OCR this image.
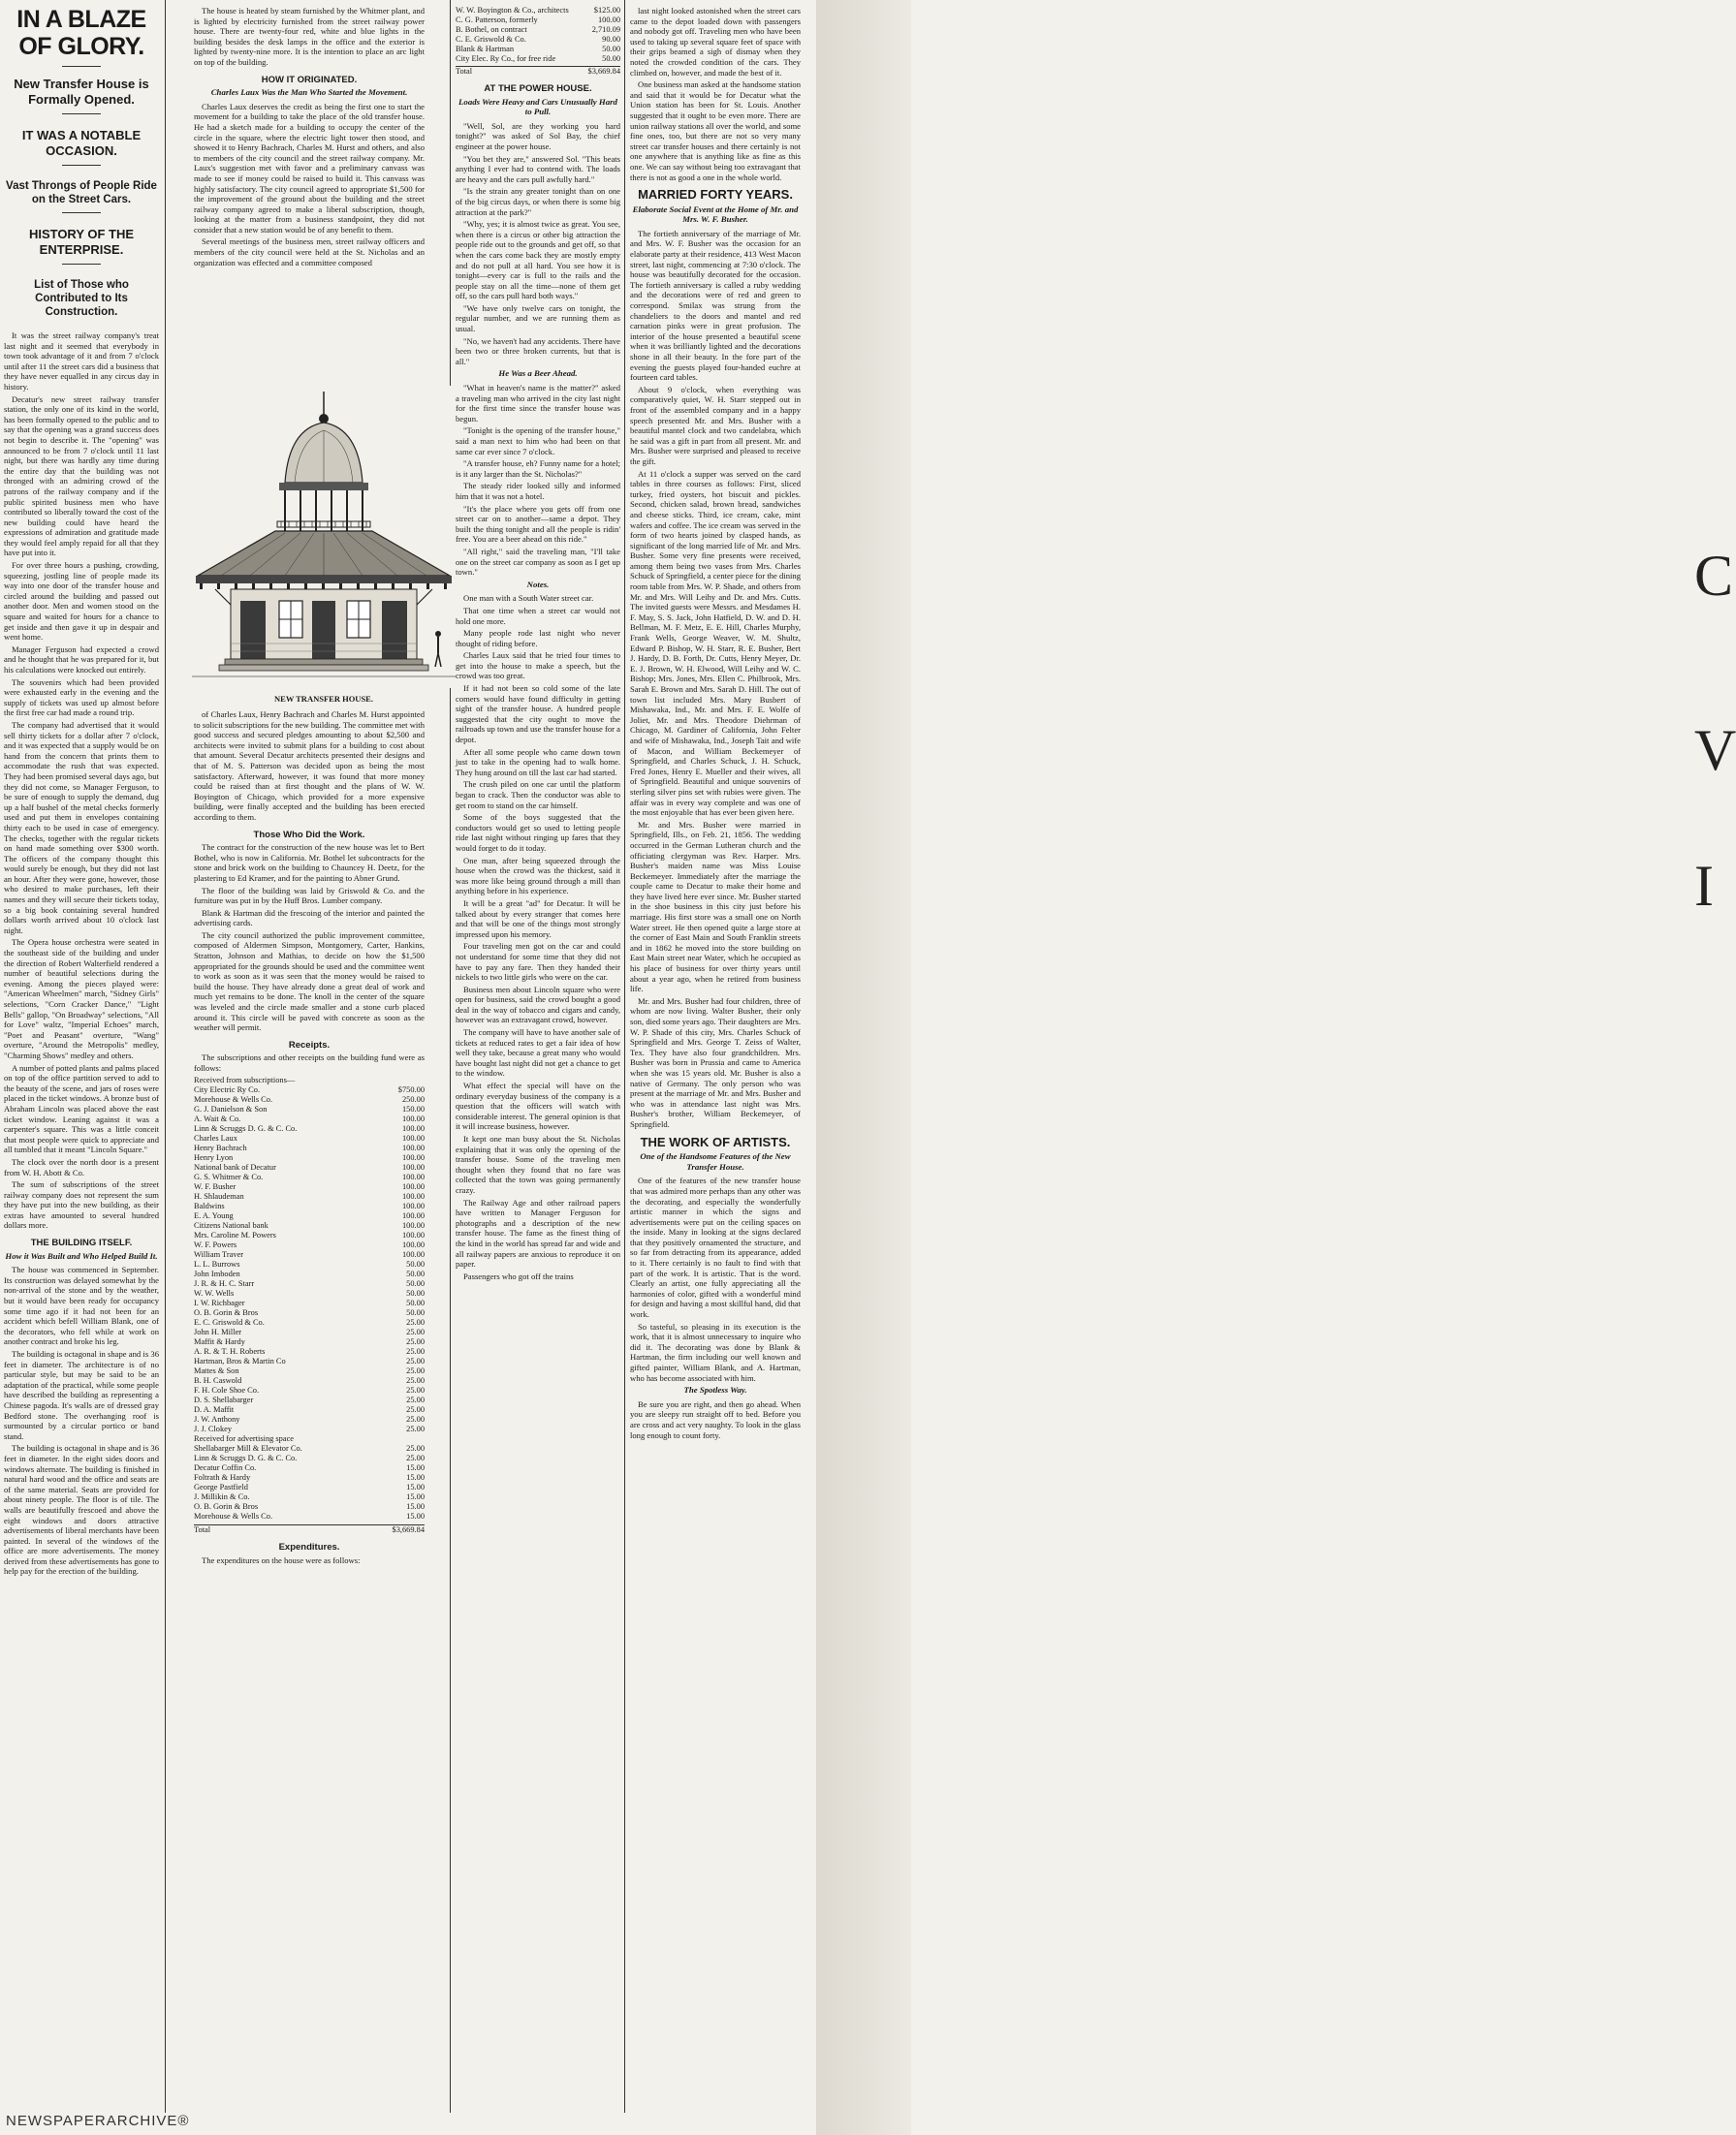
IN A BLAZE OF GLORY.
New Transfer House is Formally Opened.
IT WAS A NOTABLE OCCASION.
Vast Throngs of People Ride on the Street Cars.
HISTORY OF THE ENTERPRISE.
List of Those who Contributed to Its Construction.

It was the street railway company's treat last night and it seemed that everybody in town took advantage of it and from 7 o'clock until after 11 the street cars did a business that they have never equalled in any circus day in history.

Decatur's new street railway transfer station, the only one of its kind in the world, has been formally opened to the public and to say that the opening was a grand success does not begin to describe it. The "opening" was announced to be from 7 o'clock until 11 last night, but there was hardly any time during the entire day that the building was not thronged with an admiring crowd of the patrons of the railway company and if the public spirited business men who have contributed so liberally toward the cost of the new building could have heard the expressions of admiration and gratitude made they would feel amply repaid for all that they have put into it.

For over three hours a pushing, crowding, squeezing, jostling line of people made its way into one door of the transfer house and circled around the building and passed out another door. Men and women stood on the square and waited for hours for a chance to get inside and then gave it up in despair and went home.

Manager Ferguson had expected a crowd and he thought that he was prepared for it, but his calculations were knocked out entirely.

The souvenirs which had been provided were exhausted early in the evening and the supply of tickets was used up almost before the first free car had made a round trip.

The company had advertised that it would sell thirty tickets for a dollar after 7 o'clock, and it was expected that a supply would be on hand from the concern that prints them to accommodate the rush that was expected. They had been promised several days ago, but they did not come, so Manager Ferguson, to be sure of enough to supply the demand, dug up a half bushel of the metal checks formerly used and put them in envelopes containing thirty each to be used in case of emergency. The checks, together with the regular tickets on hand made something over $300 worth. The officers of the company thought this would surely be enough, but they did not last an hour. After they were gone, however, those who desired to make purchases, left their names and they will secure their tickets today, so a big book containing several hundred dollars worth arrived about 10 o'clock last night.

The Opera house orchestra were seated in the southeast side of the building and under the direction of Robert Walterfield rendered a number of beautiful selections during the evening. Among the pieces played were: "American Wheelmen" march, "Sidney Girls" selections, "Corn Cracker Dance," "Light Bells" gallop, "On Broadway" selections, "All for Love" waltz, "Imperial Echoes" march, "Poet and Peasant" overture, "Wang" overture, "Around the Metropolis" medley, "Charming Shows" medley and others.

A number of potted plants and palms placed on top of the office partition served to add to the beauty of the scene, and jars of roses were placed in the ticket windows. A bronze bust of Abraham Lincoln was placed above the east ticket window. Leaning against it was a carpenter's square. This was a little conceit that most people were quick to appreciate and all tumbled that it meant "Lincoln Square."

The clock over the north door is a present from W. H. Abott & Co.

The sum of subscriptions of the street railway company does not represent the sum they have put into the new building, as their extras have amounted to several hundred dollars more.

THE BUILDING ITSELF.
How it Was Built and Who Helped Build It.

The house was commenced in September. Its construction was delayed somewhat by the non-arrival of the stone and by the weather, but it would have been ready for occupancy some time ago if it had not been for an accident which befell William Blank, one of the decorators, who fell while at work on another contract and broke his leg.

The building is octagonal in shape and is 36 feet in diameter. The architecture is of no particular style, but may be said to be an adaptation of the practical, while some people have described the building as representing a Chinese pagoda. It's walls are of dressed gray Bedford stone. The overhanging roof is surmounted by a circular portico or band stand.

The building is octagonal in shape and is 36 feet in diameter. In the eight sides doors and windows alternate. The building is finished in natural hard wood and the office and seats are of the same material. Seats are provided for about ninety people. The floor is of tile. The walls are beautifully frescoed and above the eight windows and doors attractive advertisements of liberal merchants have been painted. In several of the windows of the office are more advertisements. The money derived from these advertisements has gone to help pay for the erection of the building.

The house is heated by steam furnished by the Whitmer plant, and is lighted by electricity furnished from the street railway power house. There are twenty-four red, white and blue lights in the building besides the desk lamps in the office and the exterior is lighted by twenty-nine more. It is the intention to place an arc light on top of the building.

HOW IT ORIGINATED.
Charles Laux Was the Man Who Started the Movement.

Charles Laux deserves the credit as being the first one to start the movement for a building to take the place of the old transfer house. He had a sketch made for a building to occupy the center of the circle in the square, where the electric light tower then stood, and showed it to Henry Bachrach, Charles M. Hurst and others, and also to members of the city council and the street railway company. Mr. Laux's suggestion met with favor and a preliminary canvass was made to see if money could be raised to build it. This canvass was highly satisfactory. The city council agreed to appropriate $1,500 for the improvement of the ground about the building and the street railway company agreed to make a liberal subscription, though, looking at the matter from a business standpoint, they did not consider that a new station would be of any benefit to them.

Several meetings of the business men, street railway officers and members of the city council were held at the St. Nicholas and an organization was effected and a committee composed

NEW TRANSFER HOUSE.

of Charles Laux, Henry Bachrach and Charles M. Hurst appointed to solicit subscriptions for the new building. The committee met with good success and secured pledges amounting to about $2,500 and architects were invited to submit plans for a building to cost about that amount. Several Decatur architects presented their designs and that of M. S. Patterson was decided upon as being the most satisfactory. Afterward, however, it was found that more money could be raised than at first thought and the plans of W. W. Boyington of Chicago, which provided for a more expensive building, were finally accepted and the building has been erected according to them.

Those Who Did the Work.

The contract for the construction of the new house was let to Bert Bothel, who is now in California. Mr. Bothel let subcontracts for the stone and brick work on the building to Chauncey H. Deetz, for the plastering to Ed Kramer, and for the painting to Abner Grund.

The floor of the building was laid by Griswold & Co. and the furniture was put in by the Huff Bros. Lumber company.

Blank & Hartman did the frescoing of the interior and painted the advertising cards.

The city council authorized the public improvement committee, composed of Aldermen Simpson, Montgomery, Carter, Hankins, Stratton, Johnson and Mathias, to decide on how the $1,500 appropriated for the grounds should be used and the committee went to work as soon as it was seen that the money would be raised to build the house. They have already done a great deal of work and much yet remains to be done. The knoll in the center of the square was leveled and the circle made smaller and a stone curb placed around it. This circle will be paved with concrete as soon as the weather will permit.

Receipts.

The subscriptions and other receipts on the building fund were as follows:

Received from subscriptions—
City Electric Ry Co.	$750.00
Morehouse & Wells Co.	250.00
G. J. Danielson & Son	150.00
A. Wait & Co.	100.00
Linn & Scruggs D. G. & C. Co.	100.00
Charles Laux	100.00
Henry Bachrach	100.00
Henry Lyon	100.00
National bank of Decatur	100.00
G. S. Whitmer & Co.	100.00
W. F. Busher	100.00
H. Shlaudeman	100.00
Baldwins	100.00
E. A. Young	100.00
Citizens National bank	100.00
Mrs. Caroline M. Powers	100.00
W. F. Powers	100.00
William Traver	100.00
L. L. Burrows	50.00
John Imboden	50.00
J. R. & H. C. Starr	50.00
W. W. Wells	50.00
I. W. Richbager	50.00
O. B. Gorin & Bros	50.00
E. C. Griswold & Co.	25.00
John H. Miller	25.00
Maffit & Hardy	25.00
A. R. & T. H. Roberts	25.00
Hartman, Bros & Martin Co	25.00
Mattes & Son	25.00
B. H. Caswold	25.00
F. H. Cole Shoe Co.	25.00
D. S. Shellabarger	25.00
D. A. Maffit	25.00
J. W. Anthony	25.00
J. J. Clokey	25.00
Received for advertising space	
Shellabarger Mill & Elevator Co.	25.00
Linn & Scruggs D. G. & C. Co.	25.00
Decatur Coffin Co.	15.00
Foltrath & Hardy	15.00
George Pastfield	15.00
J. Millikin & Co.	15.00
O. B. Gorin & Bros	15.00
Morehouse & Wells Co.	15.00
Total	$3,669.84
Expenditures.

The expenditures on the house were as follows:

W. W. Boyington & Co., architects	$125.00
C. G. Patterson, formerly	100.00
B. Bothel, on contract	2,710.09
C. E. Griswold & Co.	90.00
Blank & Hartman	50.00
City Elec. Ry Co., for free ride	50.00
Total	$3,669.84
AT THE POWER HOUSE.
Loads Were Heavy and Cars Unusually Hard to Pull.

"Well, Sol, are they working you hard tonight?" was asked of Sol Bay, the chief engineer at the power house.

"You bet they are," answered Sol. "This beats anything I ever had to contend with. The loads are heavy and the cars pull awfully hard."

"Is the strain any greater tonight than on one of the big circus days, or when there is some big attraction at the park?"

"Why, yes; it is almost twice as great. You see, when there is a circus or other big attraction the people ride out to the grounds and get off, so that when the cars come back they are mostly empty and do not pull at all hard. You see how it is tonight—every car is full to the rails and the people stay on all the time—none of them get off, so the cars pull hard both ways."

"We have only twelve cars on tonight, the regular number, and we are running them as usual.

"No, we haven't had any accidents. There have been two or three broken currents, but that is all."

He Was a Beer Ahead.

"What in heaven's name is the matter?" asked a traveling man who arrived in the city last night for the first time since the transfer house was begun.

"Tonight is the opening of the transfer house," said a man next to him who had been on that same car ever since 7 o'clock.

"A transfer house, eh? Funny name for a hotel; is it any larger than the St. Nicholas?"

The steady rider looked silly and informed him that it was not a hotel.

"It's the place where you gets off from one street car on to another—same a depot. They built the thing tonight and all the people is ridin' free. You are a beer ahead on this ride."

"All right," said the traveling man, "I'll take one on the street car company as soon as I get up town."

Notes.

One man with a South Water street car.

That one time when a street car would not hold one more.

Many people rode last night who never thought of riding before.

Charles Laux said that he tried four times to get into the house to make a speech, but the crowd was too great.

If it had not been so cold some of the late comers would have found difficulty in getting sight of the transfer house. A hundred people suggested that the city ought to move the railroads up town and use the transfer house for a depot.

After all some people who came down town just to take in the opening had to walk home. They hung around on till the last car had started.

The crush piled on one car until the platform began to crack. Then the conductor was able to get room to stand on the car himself.

Some of the boys suggested that the conductors would get so used to letting people ride last night without ringing up fares that they would forget to do it today.

One man, after being squeezed through the house when the crowd was the thickest, said it was more like being ground through a mill than anything before in his experience.

It will be a great "ad" for Decatur. It will be talked about by every stranger that comes here and that will be one of the things most strongly impressed upon his memory.

Four traveling men got on the car and could not understand for some time that they did not have to pay any fare. Then they handed their nickels to two little girls who were on the car.

Business men about Lincoln square who were open for business, said the crowd bought a good deal in the way of tobacco and cigars and candy, however was an extravagant crowd, however.

The company will have to have another sale of tickets at reduced rates to get a fair idea of how well they take, because a great many who would have bought last night did not get a chance to get to the window.

What effect the special will have on the ordinary everyday business of the company is a question that the officers will watch with considerable interest. The general opinion is that it will increase business, however.

It kept one man busy about the St. Nicholas explaining that it was only the opening of the transfer house. Some of the traveling men thought when they found that no fare was collected that the town was going permanently crazy.

The Railway Age and other railroad papers have written to Manager Ferguson for photographs and a description of the new transfer house. The fame as the finest thing of the kind in the world has spread far and wide and all railway papers are anxious to reproduce it on paper.

Passengers who got off the trains

last night looked astonished when the street cars came to the depot loaded down with passengers and nobody got off. Traveling men who have been used to taking up several square feet of space with their grips beamed a sigh of dismay when they noted the crowded condition of the cars. They climbed on, however, and made the best of it.

One business man asked at the handsome station and said that it would be for Decatur what the Union station has been for St. Louis. Another suggested that it ought to be even more. There are union railway stations all over the world, and some fine ones, too, but there are not so very many street car transfer houses and there certainly is not one anywhere that is anything like as fine as this one. We can say without being too extravagant that there is not as good a one in the whole world.

MARRIED FORTY YEARS.
Elaborate Social Event at the Home of Mr. and Mrs. W. F. Busher.

The fortieth anniversary of the marriage of Mr. and Mrs. W. F. Busher was the occasion for an elaborate party at their residence, 413 West Macon street, last night, commencing at 7:30 o'clock. The house was beautifully decorated for the occasion. The fortieth anniversary is called a ruby wedding and the decorations were of red and green to correspond. Smilax was strung from the chandeliers to the doors and mantel and red carnation pinks were in great profusion. The interior of the house presented a beautiful scene when it was brilliantly lighted and the decorations shone in all their beauty. In the fore part of the evening the guests played four-handed euchre at fourteen card tables.

About 9 o'clock, when everything was comparatively quiet, W. H. Starr stepped out in front of the assembled company and in a happy speech presented Mr. and Mrs. Busher with a beautiful mantel clock and two candelabra, which he said was a gift in part from all present. Mr. and Mrs. Busher were surprised and pleased to receive the gift.

At 11 o'clock a supper was served on the card tables in three courses as follows: First, sliced turkey, fried oysters, hot biscuit and pickles. Second, chicken salad, brown bread, sandwiches and cheese sticks. Third, ice cream, cake, mint wafers and coffee. The ice cream was served in the form of two hearts joined by clasped hands, as significant of the long married life of Mr. and Mrs. Busher. Some very fine presents were received, among them being two vases from Mrs. Charles Schuck of Springfield, a center piece for the dining room table from Mrs. W. P. Shade, and others from Mr. and Mrs. Will Leihy and Dr. and Mrs. Cutts. The invited guests were Messrs. and Mesdames H. F. May, S. S. Jack, John Hatfield, D. W. and D. H. Bellman, M. F. Metz, E. E. Hill, Charles Murphy, Frank Wells, George Weaver, W. M. Shultz, Edward P. Bishop, W. H. Starr, R. E. Busher, Bert J. Hardy, D. B. Forth, Dr. Cutts, Henry Meyer, Dr. E. J. Brown, W. H. Elwood, Will Leihy and W. C. Bishop; Mrs. Jones, Mrs. Ellen C. Philbrook, Mrs. Sarah E. Brown and Mrs. Sarah D. Hill. The out of town list included Mrs. Mary Busbert of Mishawaka, Ind., Mr. and Mrs. F. E. Wolfe of Joliet, Mr. and Mrs. Theodore Diehrman of Chicago, M. Gardiner of California, John Felter and wife of Mishawaka, Ind., Joseph Tait and wife of Macon, and William Beckemeyer of Springfield, and Charles Schuck, J. H. Schuck, Fred Jones, Henry E. Mueller and their wives, all of Springfield. Beautiful and unique souvenirs of sterling silver pins set with rubies were given. The affair was in every way complete and was one of the most enjoyable that has ever been given here.

Mr. and Mrs. Busher were married in Springfield, Ills., on Feb. 21, 1856. The wedding occurred in the German Lutheran church and the officiating clergyman was Rev. Harper. Mrs. Busher's maiden name was Miss Louise Beckemeyer. Immediately after the marriage the couple came to Decatur to make their home and they have lived here ever since. Mr. Busher started in the shoe business in this city just before his marriage. His first store was a small one on North Water street. He then opened quite a large store at the corner of East Main and South Franklin streets and in 1862 he moved into the store building on East Main street near Water, which he occupied as his place of business for over thirty years until about a year ago, when he retired from business life.

Mr. and Mrs. Busher had four children, three of whom are now living. Walter Busher, their only son, died some years ago. Their daughters are Mrs. W. P. Shade of this city, Mrs. Charles Schuck of Springfield and Mrs. George T. Zeiss of Walter, Tex. They have also four grandchildren. Mrs. Busher was born in Prussia and came to America when she was 15 years old. Mr. Busher is also a native of Germany. The only person who was present at the marriage of Mr. and Mrs. Busher and who was in attendance last night was Mrs. Busher's brother, William Beckemeyer, of Springfield.

THE WORK OF ARTISTS.
One of the Handsome Features of the New Transfer House.

One of the features of the new transfer house that was admired more perhaps than any other was the decorating, and especially the wonderfully artistic manner in which the signs and advertisements were put on the ceiling spaces on the inside. Many in looking at the signs declared that they positively ornamented the structure, and so far from detracting from its appearance, added to it. There certainly is no fault to find with that part of the work. It is artistic. That is the word. Clearly an artist, one fully appreciating all the harmonies of color, gifted with a wonderful mind for design and having a most skillful hand, did that work.

So tasteful, so pleasing in its execution is the work, that it is almost unnecessary to inquire who did it. The decorating was done by Blank & Hartman, the firm including our well known and gifted painter, William Blank, and A. Hartman, who has become associated with him.

The Spotless Way.

Be sure you are right, and then go ahead. When you are sleepy run straight off to bed. Before you are cross and act very naughty. To look in the glass long enough to count forty.

C
V
I
NEWSPAPERARCHIVE®
